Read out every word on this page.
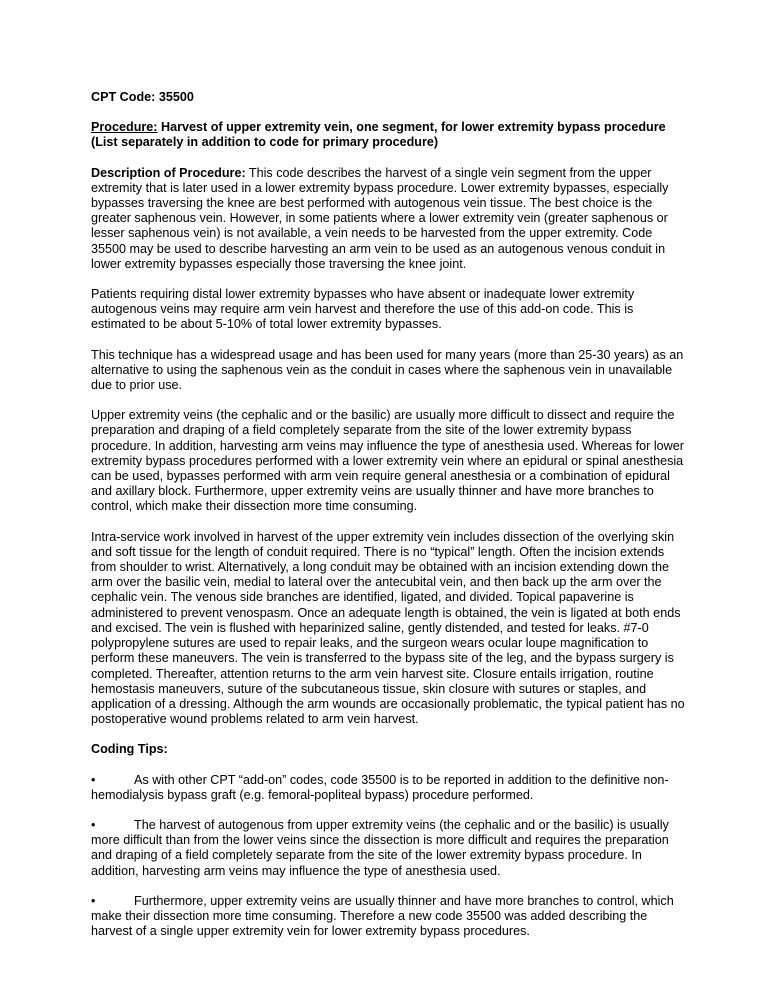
CPT Code: 35500

Procedure: Harvest of upper extremity vein, one segment, for lower extremity bypass procedure (List separately in addition to code for primary procedure)

Description of Procedure: This code describes the harvest of a single vein segment from the upper extremity that is later used in a lower extremity bypass procedure. Lower extremity bypasses, especially bypasses traversing the knee are best performed with autogenous vein tissue. The best choice is the greater saphenous vein. However, in some patients where a lower extremity vein (greater saphenous or lesser saphenous vein) is not available, a vein needs to be harvested from the upper extremity. Code 35500 may be used to describe harvesting an arm vein to be used as an autogenous venous conduit in lower extremity bypasses especially those traversing the knee joint.

Patients requiring distal lower extremity bypasses who have absent or inadequate lower extremity autogenous veins may require arm vein harvest and therefore the use of this add-on code. This is estimated to be about 5-10% of total lower extremity bypasses.

This technique has a widespread usage and has been used for many years (more than 25-30 years) as an alternative to using the saphenous vein as the conduit in cases where the saphenous vein in unavailable due to prior use.

Upper extremity veins (the cephalic and or the basilic) are usually more difficult to dissect and require the preparation and draping of a field completely separate from the site of the lower extremity bypass procedure. In addition, harvesting arm veins may influence the type of anesthesia used. Whereas for lower extremity bypass procedures performed with a lower extremity vein where an epidural or spinal anesthesia can be used, bypasses performed with arm vein require general anesthesia or a combination of epidural and axillary block. Furthermore, upper extremity veins are usually thinner and have more branches to control, which make their dissection more time consuming.

Intra-service work involved in harvest of the upper extremity vein includes dissection of the overlying skin and soft tissue for the length of conduit required. There is no “typical” length. Often the incision extends from shoulder to wrist. Alternatively, a long conduit may be obtained with an incision extending down the arm over the basilic vein, medial to lateral over the antecubital vein, and then back up the arm over the cephalic vein. The venous side branches are identified, ligated, and divided. Topical papaverine is administered to prevent venospasm. Once an adequate length is obtained, the vein is ligated at both ends and excised. The vein is flushed with heparinized saline, gently distended, and tested for leaks. #7-0 polypropylene sutures are used to repair leaks, and the surgeon wears ocular loupe magnification to perform these maneuvers. The vein is transferred to the bypass site of the leg, and the bypass surgery is completed. Thereafter, attention returns to the arm vein harvest site. Closure entails irrigation, routine hemostasis maneuvers, suture of the subcutaneous tissue, skin closure with sutures or staples, and application of a dressing. Although the arm wounds are occasionally problematic, the typical patient has no postoperative wound problems related to arm vein harvest.

Coding Tips:

•	As with other CPT “add-on” codes, code 35500 is to be reported in addition to the definitive non-hemodialysis bypass graft (e.g. femoral-popliteal bypass) procedure performed.

•	The harvest of autogenous from upper extremity veins (the cephalic and or the basilic) is usually more difficult than from the lower veins since the dissection is more difficult and requires the preparation and draping of a field completely separate from the site of the lower extremity bypass procedure. In addition, harvesting arm veins may influence the type of anesthesia used.

•	Furthermore, upper extremity veins are usually thinner and have more branches to control, which make their dissection more time consuming. Therefore a new code 35500 was added describing the harvest of a single upper extremity vein for lower extremity bypass procedures.
